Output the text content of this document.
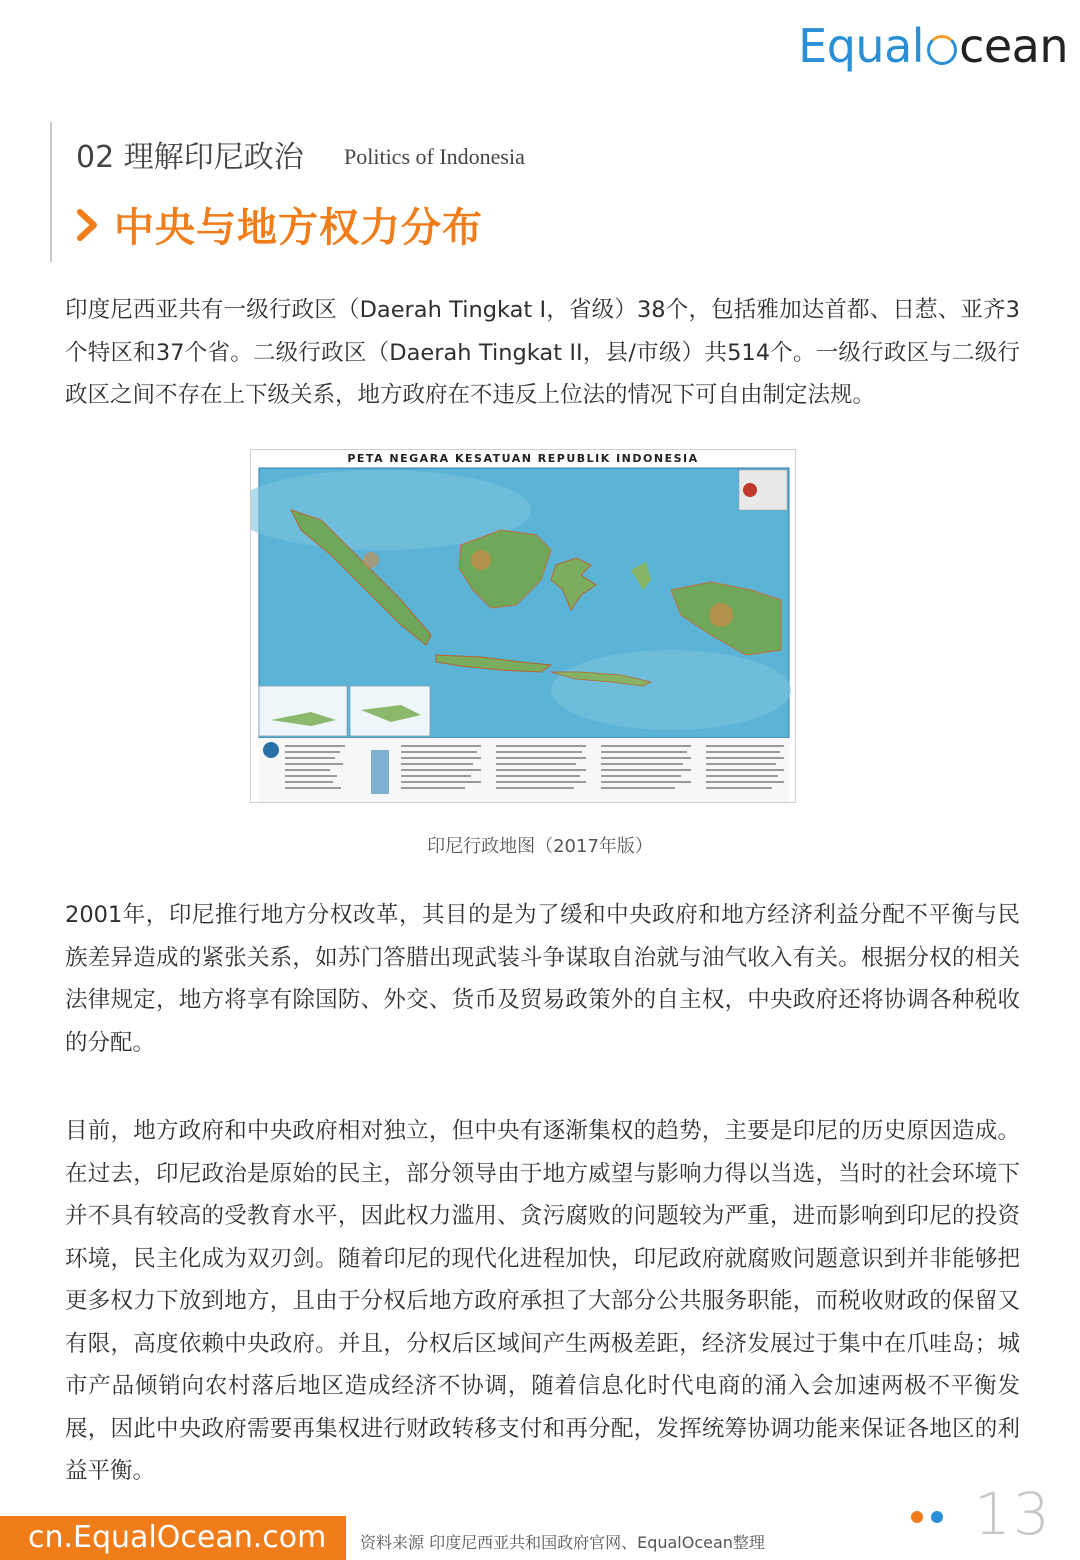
Equal cean
02 理解印尼政治 Politics of Indonesia
中央与地方权力分布

印度尼西亚共有一级行政区（Daerah Tingkat I，省级）38个，包括雅加达首都、日惹、亚齐3个特区和37个省。二级行政区（Daerah Tingkat II，县/市级）共514个。一级行政区与二级行政区之间不存在上下级关系，地方政府在不违反上位法的情况下可自由制定法规。

PETA NEGARA KESATUAN REPUBLIK INDONESIA
印尼行政地图（2017年版）

2001年，印尼推行地方分权改革，其目的是为了缓和中央政府和地方经济利益分配不平衡与民族差异造成的紧张关系，如苏门答腊出现武装斗争谋取自治就与油气收入有关。根据分权的相关法律规定，地方将享有除国防、外交、货币及贸易政策外的自主权，中央政府还将协调各种税收的分配。

目前，地方政府和中央政府相对独立，但中央有逐渐集权的趋势，主要是印尼的历史原因造成。在过去，印尼政治是原始的民主，部分领导由于地方威望与影响力得以当选，当时的社会环境下并不具有较高的受教育水平，因此权力滥用、贪污腐败的问题较为严重，进而影响到印尼的投资环境，民主化成为双刃剑。随着印尼的现代化进程加快，印尼政府就腐败问题意识到并非能够把更多权力下放到地方，且由于分权后地方政府承担了大部分公共服务职能，而税收财政的保留又有限，高度依赖中央政府。并且，分权后区域间产生两极差距，经济发展过于集中在爪哇岛；城市产品倾销向农村落后地区造成经济不协调，随着信息化时代电商的涌入会加速两极不平衡发展，因此中央政府需要再集权进行财政转移支付和再分配，发挥统筹协调功能来保证各地区的利益平衡。

cn.EqualOcean.com 资料来源 印度尼西亚共和国政府官网、EqualOcean整理	13
